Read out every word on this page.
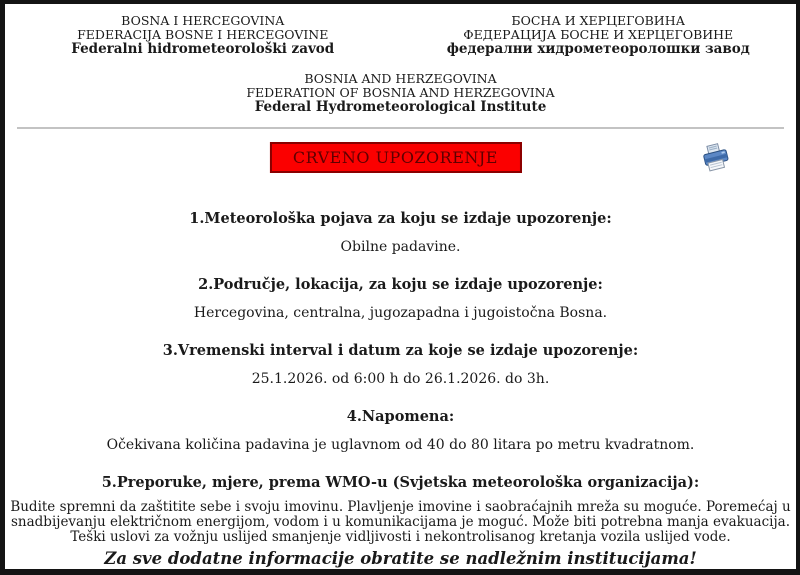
BOSNA I HERCEGOVINA
FEDERACIJA BOSNE I HERCEGOVINE
Federalni hidrometeorološki zavod
БОСНА И ХЕРЦЕГОВИНА
ФЕДЕРАЦИЈА БОСНЕ И ХЕРЦЕГОВИНЕ
федерални хидрометеоролошки завод
BOSNIA AND HERZEGOVINA
FEDERATION OF BOSNIA AND HERZEGOVINA
Federal Hydrometeorological Institute
CRVENO UPOZORENJE
1.Meteorološka pojava za koju se izdaje upozorenje:
Obilne padavine.
2.Područje, lokacija, za koju se izdaje upozorenje:
Hercegovina, centralna, jugozapadna i jugoistočna Bosna.
3.Vremenski interval i datum za koje se izdaje upozorenje:
25.1.2026. od 6:00 h do 26.1.2026. do 3h.
4.Napomena:
Očekivana količina padavina je uglavnom od 40 do 80 litara po metru kvadratnom.
5.Preporuke, mjere, prema WMO-u (Svjetska meteorološka organizacija):
Budite spremni da zaštitite sebe i svoju imovinu. Plavljenje imovine i saobraćajnih mreža su moguće. Poremećaj u snadbijevanju električnom energijom, vodom i u komunikacijama je moguć. Može biti potrebna manja evakuacija. Teški uslovi za vožnju uslijed smanjenje vidljivosti i nekontrolisanog kretanja vozila uslijed vode.
Za sve dodatne informacije obratite se nadležnim institucijama!
